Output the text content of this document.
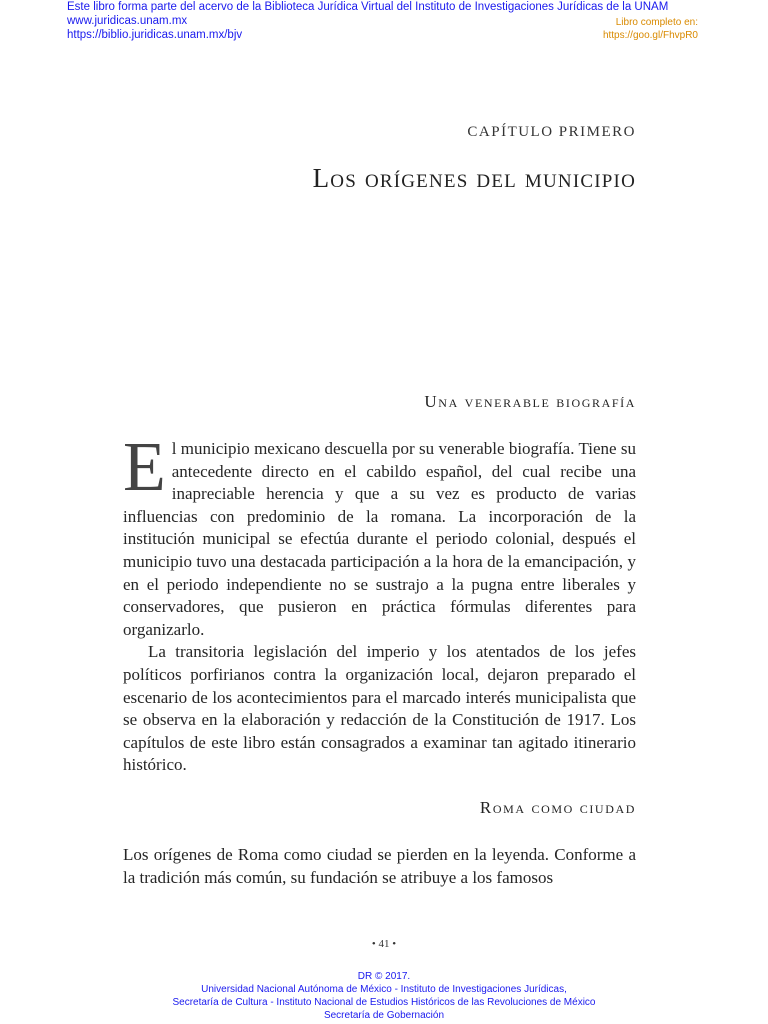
Este libro forma parte del acervo de la Biblioteca Jurídica Virtual del Instituto de Investigaciones Jurídicas de la UNAM
www.juridicas.unam.mx
https://biblio.juridicas.unam.mx/bjv
Libro completo en:
https://goo.gl/FhvpR0
CAPÍTULO PRIMERO
Los orígenes del municipio
Una venerable biografía

El municipio mexicano descuella por su venerable biografía. Tiene su antecedente directo en el cabildo español, del cual recibe una inapreciable herencia y que a su vez es producto de varias influencias con predominio de la romana. La incorporación de la institución municipal se efectúa durante el periodo colonial, después el municipio tuvo una destacada participación a la hora de la emancipación, y en el periodo independiente no se sustrajo a la pugna entre liberales y conservadores, que pusieron en práctica fórmulas diferentes para organizarlo.

La transitoria legislación del imperio y los atentados de los jefes políticos porfirianos contra la organización local, dejaron preparado el escenario de los acontecimientos para el marcado interés municipalista que se observa en la elaboración y redacción de la Constitución de 1917. Los capítulos de este libro están consagrados a examinar tan agitado itinerario histórico.

Roma como ciudad

Los orígenes de Roma como ciudad se pierden en la leyenda. Conforme a la tradición más común, su fundación se atribuye a los famosos

• 41 •
DR © 2017.
Universidad Nacional Autónoma de México - Instituto de Investigaciones Jurídicas,
Secretaría de Cultura - Instituto Nacional de Estudios Históricos de las Revoluciones de México
Secretaría de Gobernación
